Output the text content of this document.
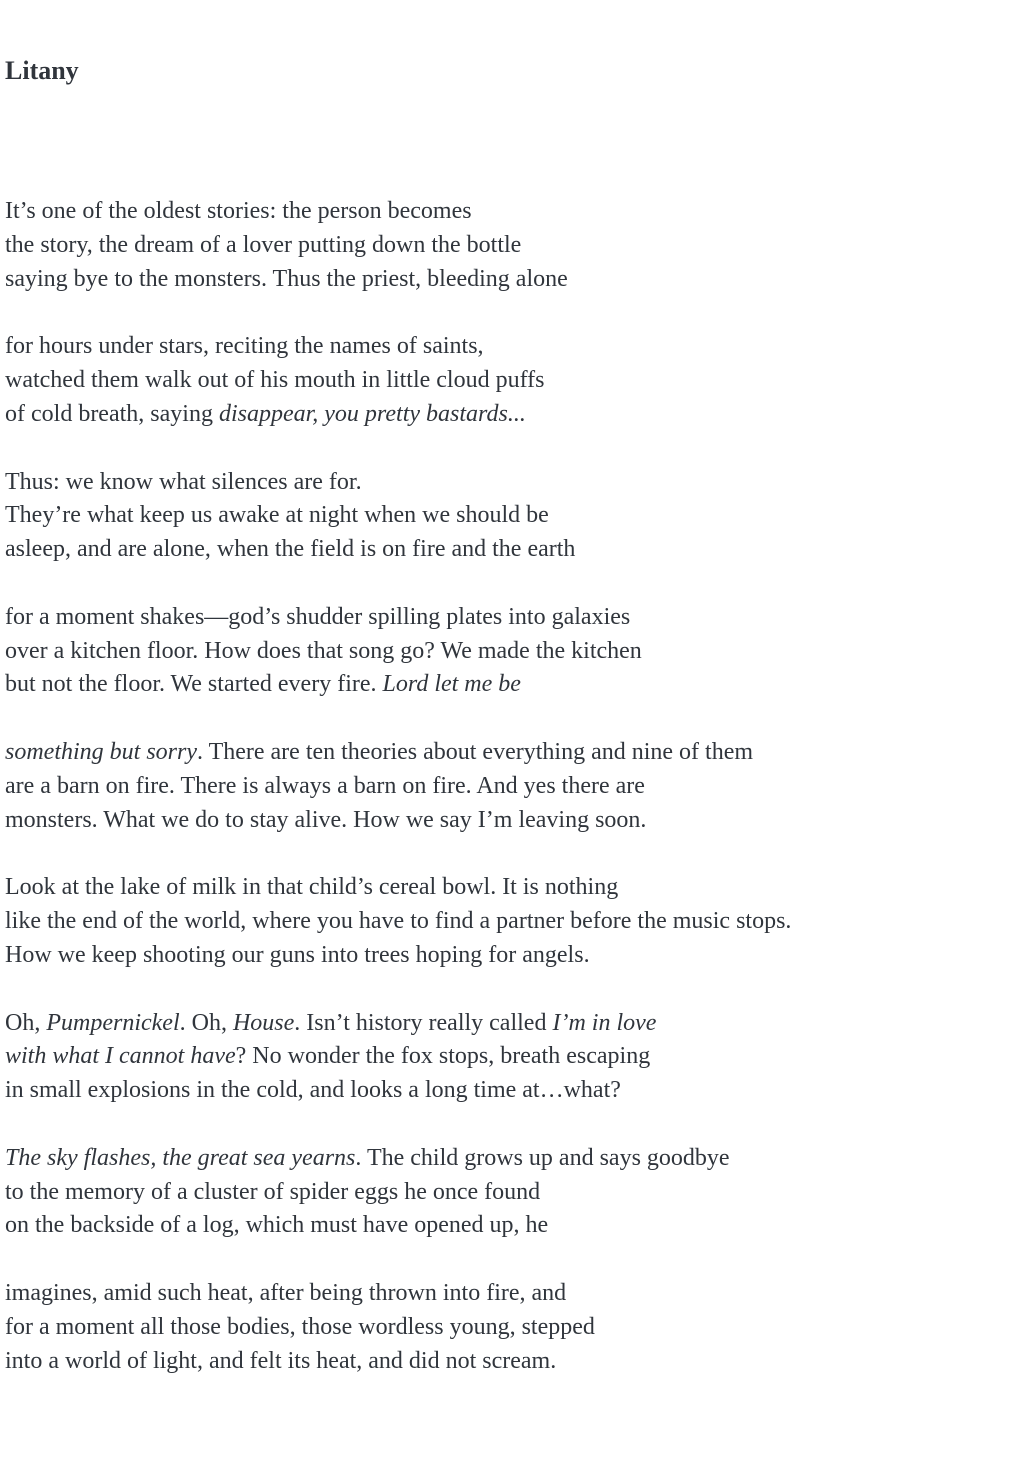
Litany

It’s one of the oldest stories: the person becomes
the story, the dream of a lover putting down the bottle
saying bye to the monsters. Thus the priest, bleeding alone

for hours under stars, reciting the names of saints,
watched them walk out of his mouth in little cloud puffs
of cold breath, saying disappear, you pretty bastards...

Thus: we know what silences are for.
They’re what keep us awake at night when we should be
asleep, and are alone, when the field is on fire and the earth

for a moment shakes—god’s shudder spilling plates into galaxies
over a kitchen floor. How does that song go? We made the kitchen
but not the floor. We started every fire. Lord let me be

something but sorry. There are ten theories about everything and nine of them
are a barn on fire. There is always a barn on fire. And yes there are
monsters. What we do to stay alive. How we say I’m leaving soon.

Look at the lake of milk in that child’s cereal bowl. It is nothing
like the end of the world, where you have to find a partner before the music stops.
How we keep shooting our guns into trees hoping for angels.

Oh, Pumpernickel. Oh, House. Isn’t history really called I’m in love
with what I cannot have? No wonder the fox stops, breath escaping
in small explosions in the cold, and looks a long time at…what?

The sky flashes, the great sea yearns. The child grows up and says goodbye
to the memory of a cluster of spider eggs he once found
on the backside of a log, which must have opened up, he

imagines, amid such heat, after being thrown into fire, and
for a moment all those bodies, those wordless young, stepped
into a world of light, and felt its heat, and did not scream.
